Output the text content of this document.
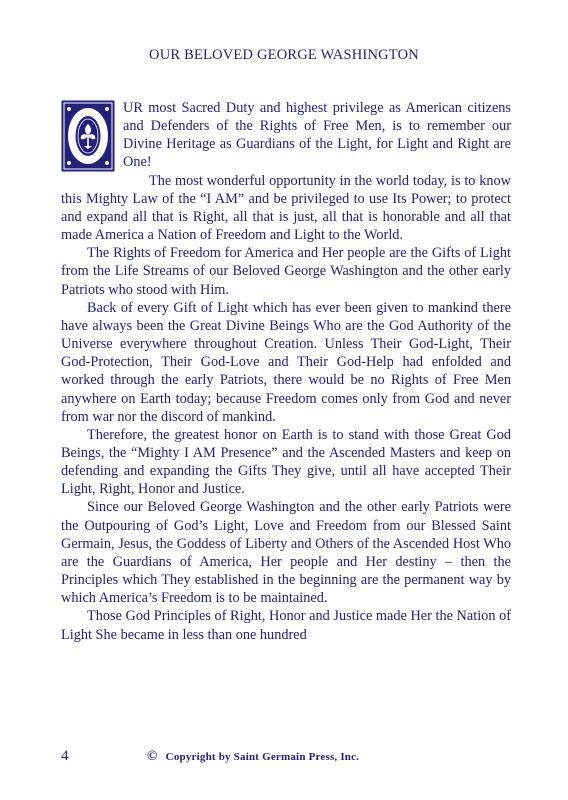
OUR BELOVED GEORGE WASHINGTON

UR most Sacred Duty and highest privilege as American citizens and Defenders of the Rights of Free Men, is to remember our Divine Heritage as Guardians of the Light, for Light and Right are One!

The most wonderful opportunity in the world today, is to know this Mighty Law of the “I AM” and be privileged to use Its Power; to protect and expand all that is Right, all that is just, all that is honorable and all that made America a Nation of Freedom and Light to the World.

The Rights of Freedom for America and Her people are the Gifts of Light from the Life Streams of our Beloved George Washington and the other early Patriots who stood with Him.

Back of every Gift of Light which has ever been given to mankind there have always been the Great Divine Beings Who are the God Authority of the Universe everywhere throughout Creation. Unless Their God-Light, Their God-Protection, Their God-Love and Their God-Help had enfolded and worked through the early Patriots, there would be no Rights of Free Men anywhere on Earth today; because Freedom comes only from God and never from war nor the discord of mankind.

Therefore, the greatest honor on Earth is to stand with those Great God Beings, the “Mighty I AM Presence” and the Ascended Masters and keep on defending and expanding the Gifts They give, until all have accepted Their Light, Right, Honor and Justice.

Since our Beloved George Washington and the other early Patriots were the Outpouring of God’s Light, Love and Freedom from our Blessed Saint Germain, Jesus, the Goddess of Liberty and Others of the Ascended Host Who are the Guardians of America, Her people and Her destiny – then the Principles which They established in the beginning are the permanent way by which America’s Freedom is to be maintained.

Those God Principles of Right, Honor and Justice made Her the Nation of Light She became in less than one hundred

4	© Copyright by Saint Germain Press, Inc.
